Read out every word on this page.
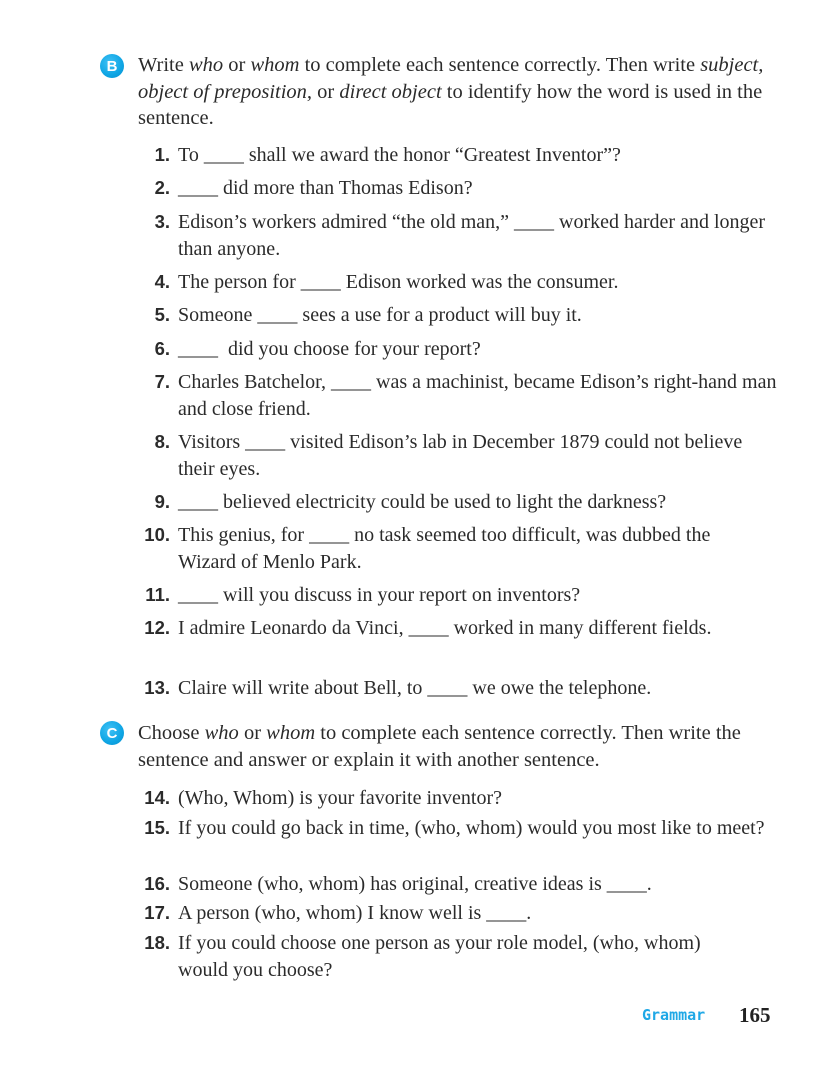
B	Write who or whom to complete each sentence correctly. Then write subject, object of preposition, or direct object to identify how the word is used in the sentence.
1. To ____ shall we award the honor “Greatest Inventor”?
2. ____ did more than Thomas Edison?
3. Edison’s workers admired “the old man,” ____ worked harder and longer than anyone.
4. The person for ____ Edison worked was the consumer.
5. Someone ____ sees a use for a product will buy it.
6. ____  did you choose for your report?
7. Charles Batchelor, ____ was a machinist, became Edison’s right-hand man and close friend.
8. Visitors ____ visited Edison’s lab in December 1879 could not believe their eyes.
9. ____ believed electricity could be used to light the darkness?
10. This genius, for ____ no task seemed too difficult, was dubbed the Wizard of Menlo Park.
11. ____ will you discuss in your report on inventors?
12. I admire Leonardo da Vinci, ____ worked in many different fields.
13. Claire will write about Bell, to ____ we owe the telephone.
C	Choose who or whom to complete each sentence correctly. Then write the sentence and answer or explain it with another sentence.
14. (Who, Whom) is your favorite inventor?
15. If you could go back in time, (who, whom) would you most like to meet?
16. Someone (who, whom) has original, creative ideas is ____.
17. A person (who, whom) I know well is ____.
18. If you could choose one person as your role model, (who, whom) would you choose?
Grammar 165
